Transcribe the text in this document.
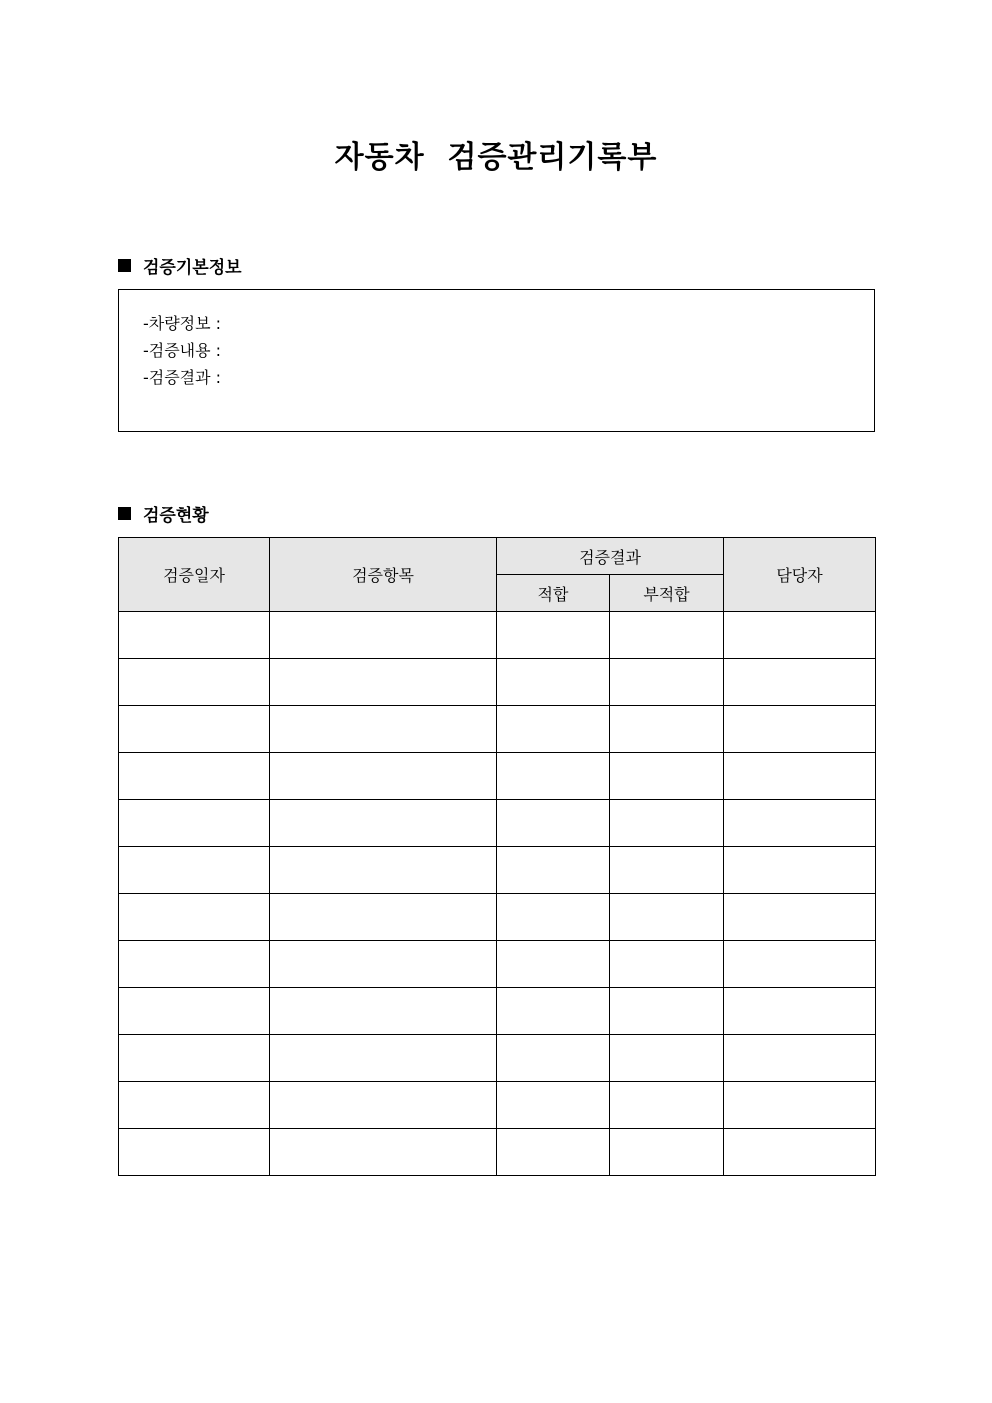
자동차  검증관리기록부
검증기본정보
-차량정보 :
-검증내용 :
-검증결과 :
검증현황
검증일자	검증항목	검증결과		담당자
		적합	부적합	
